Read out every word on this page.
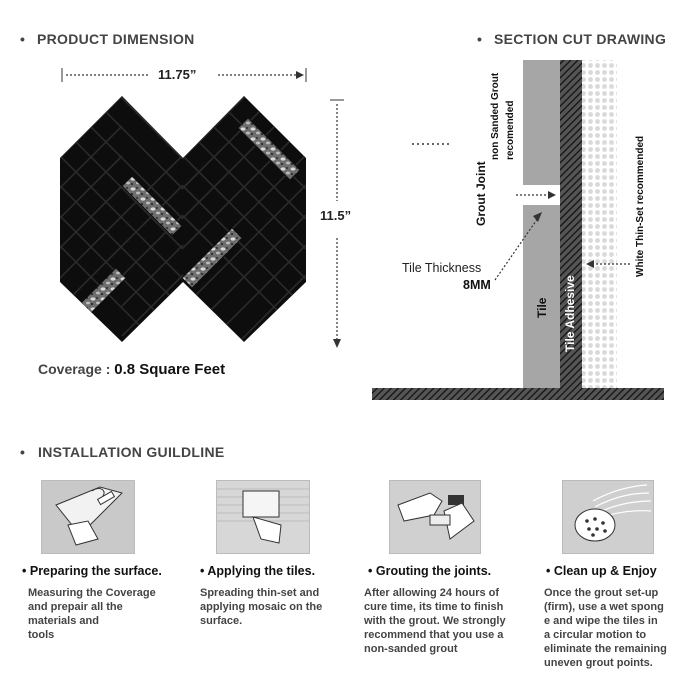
• PRODUCT DIMENSION
11.75”
11.5”
Coverage : 0.8 Square Feet
• SECTION CUT DRAWING
Grout Joint
non Sanded Grout recomended
Tile Thickness
8MM
Tile Tile Adhesive
White Thin-Set recommended
• INSTALLATION GUILDLINE
• Preparing the surface.
Measuring the Coverage
and prepair all the
materials and
tools
• Applying the tiles.
Spreading thin-set and
applying mosaic on the
surface.
• Grouting the joints.
After allowing 24 hours of
cure time, its time to finish
with the grout. We strongly
recommend that you use a
non-sanded grout
• Clean up & Enjoy
Once the grout set-up
(firm), use a wet spong
e and wipe the tiles in
a circular motion to
eliminate the remaining
uneven grout points.
